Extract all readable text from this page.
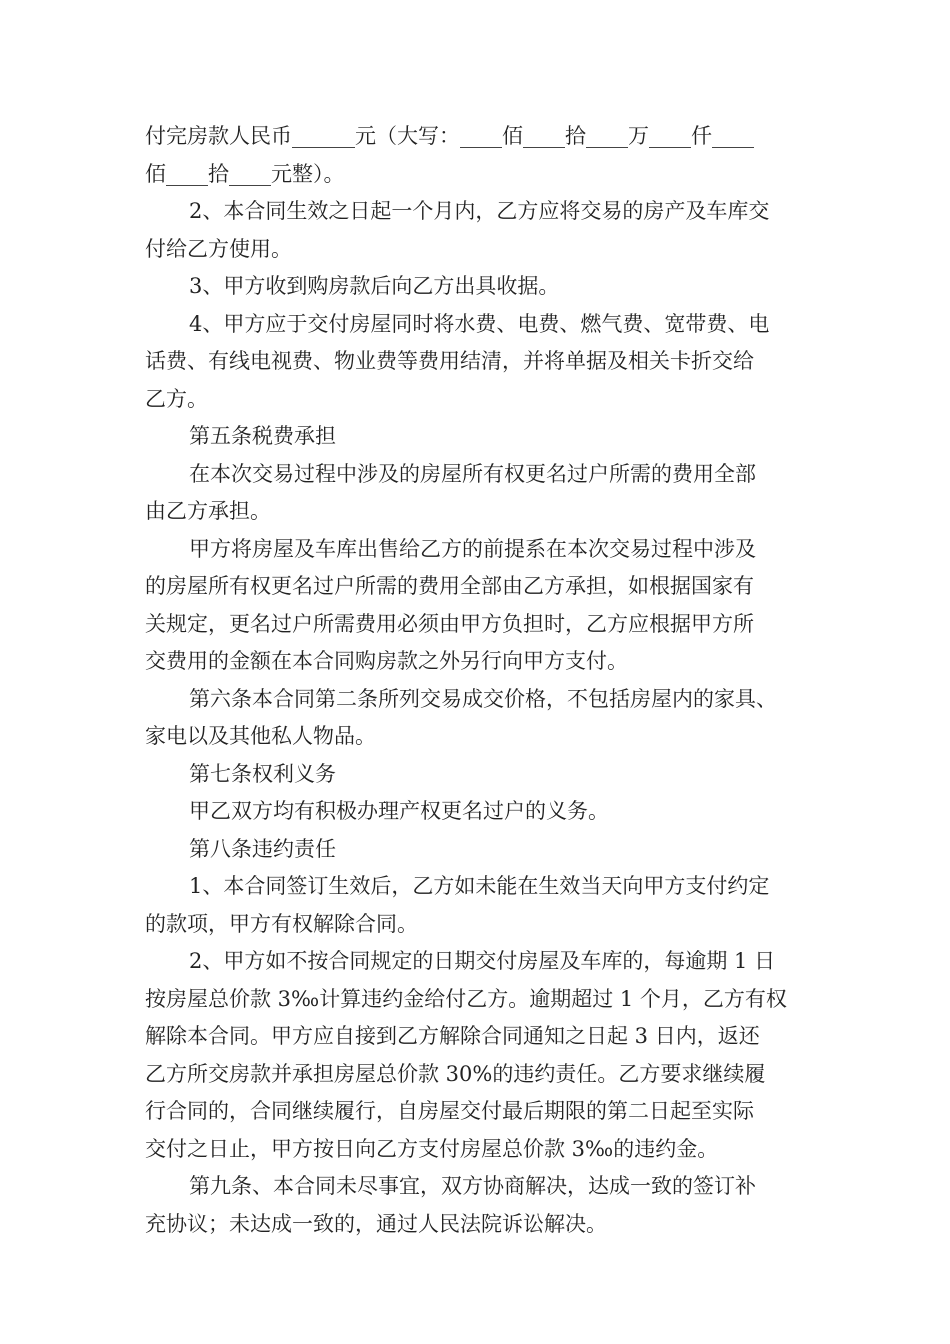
付完房款人民币______元（大写：____佰____拾____万____仟____
佰____拾____元整）。
2、本合同生效之日起一个月内，乙方应将交易的房产及车库交
付给乙方使用。
3、甲方收到购房款后向乙方出具收据。
4、甲方应于交付房屋同时将水费、电费、燃气费、宽带费、电
话费、有线电视费、物业费等费用结清，并将单据及相关卡折交给
乙方。
第五条税费承担
在本次交易过程中涉及的房屋所有权更名过户所需的费用全部
由乙方承担。
甲方将房屋及车库出售给乙方的前提系在本次交易过程中涉及
的房屋所有权更名过户所需的费用全部由乙方承担，如根据国家有
关规定，更名过户所需费用必须由甲方负担时，乙方应根据甲方所
交费用的金额在本合同购房款之外另行向甲方支付。
第六条本合同第二条所列交易成交价格，不包括房屋内的家具、
家电以及其他私人物品。
第七条权利义务
甲乙双方均有积极办理产权更名过户的义务。
第八条违约责任
1、本合同签订生效后，乙方如未能在生效当天向甲方支付约定
的款项，甲方有权解除合同。
2、甲方如不按合同规定的日期交付房屋及车库的，每逾期 1 日
按房屋总价款 3‰计算违约金给付乙方。逾期超过 1 个月，乙方有权
解除本合同。甲方应自接到乙方解除合同通知之日起 3 日内，返还
乙方所交房款并承担房屋总价款 30%的违约责任。乙方要求继续履
行合同的，合同继续履行，自房屋交付最后期限的第二日起至实际
交付之日止，甲方按日向乙方支付房屋总价款 3‰的违约金。
第九条、本合同未尽事宜，双方协商解决，达成一致的签订补
充协议；未达成一致的，通过人民法院诉讼解决。
